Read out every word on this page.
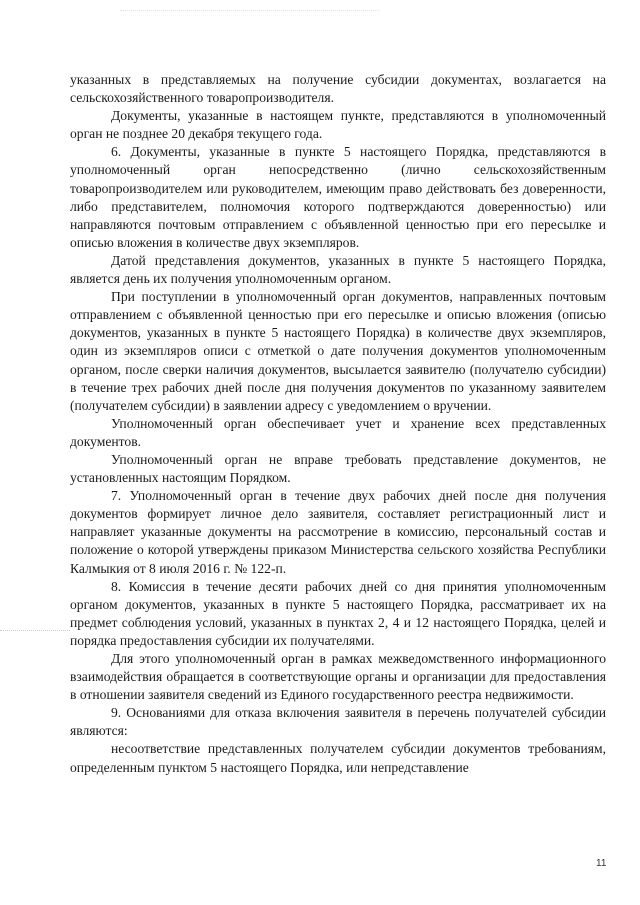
указанных в представляемых на получение субсидии документах, возлагается на сельскохозяйственного товаропроизводителя.

Документы, указанные в настоящем пункте, представляются в уполномоченный орган не позднее 20 декабря текущего года.

6. Документы, указанные в пункте 5 настоящего Порядка, представляются в уполномоченный орган непосредственно (лично сельскохозяйственным товаропроизводителем или руководителем, имеющим право действовать без доверенности, либо представителем, полномочия которого подтверждаются доверенностью) или направляются почтовым отправлением с объявленной ценностью при его пересылке и описью вложения в количестве двух экземпляров.

Датой представления документов, указанных в пункте 5 настоящего Порядка, является день их получения уполномоченным органом.

При поступлении в уполномоченный орган документов, направленных почтовым отправлением с объявленной ценностью при его пересылке и описью вложения (описью документов, указанных в пункте 5 настоящего Порядка) в количестве двух экземпляров, один из экземпляров описи с отметкой о дате получения документов уполномоченным органом, после сверки наличия документов, высылается заявителю (получателю субсидии) в течение трех рабочих дней после дня получения документов по указанному заявителем (получателем субсидии) в заявлении адресу с уведомлением о вручении.

Уполномоченный орган обеспечивает учет и хранение всех представленных документов.

Уполномоченный орган не вправе требовать представление документов, не установленных настоящим Порядком.

7. Уполномоченный орган в течение двух рабочих дней после дня получения документов формирует личное дело заявителя, составляет регистрационный лист и направляет указанные документы на рассмотрение в комиссию, персональный состав и положение о которой утверждены приказом Министерства сельского хозяйства Республики Калмыкия от 8 июля 2016 г. № 122-п.

8. Комиссия в течение десяти рабочих дней со дня принятия уполномоченным органом документов, указанных в пункте 5 настоящего Порядка, рассматривает их на предмет соблюдения условий, указанных в пунктах 2, 4 и 12 настоящего Порядка, целей и порядка предоставления субсидии их получателями.

Для этого уполномоченный орган в рамках межведомственного информационного взаимодействия обращается в соответствующие органы и организации для предоставления в отношении заявителя сведений из Единого государственного реестра недвижимости.

9. Основаниями для отказа включения заявителя в перечень получателей субсидии являются:

несоответствие представленных получателем субсидии документов требованиям, определенным пунктом 5 настоящего Порядка, или непредставление

11
